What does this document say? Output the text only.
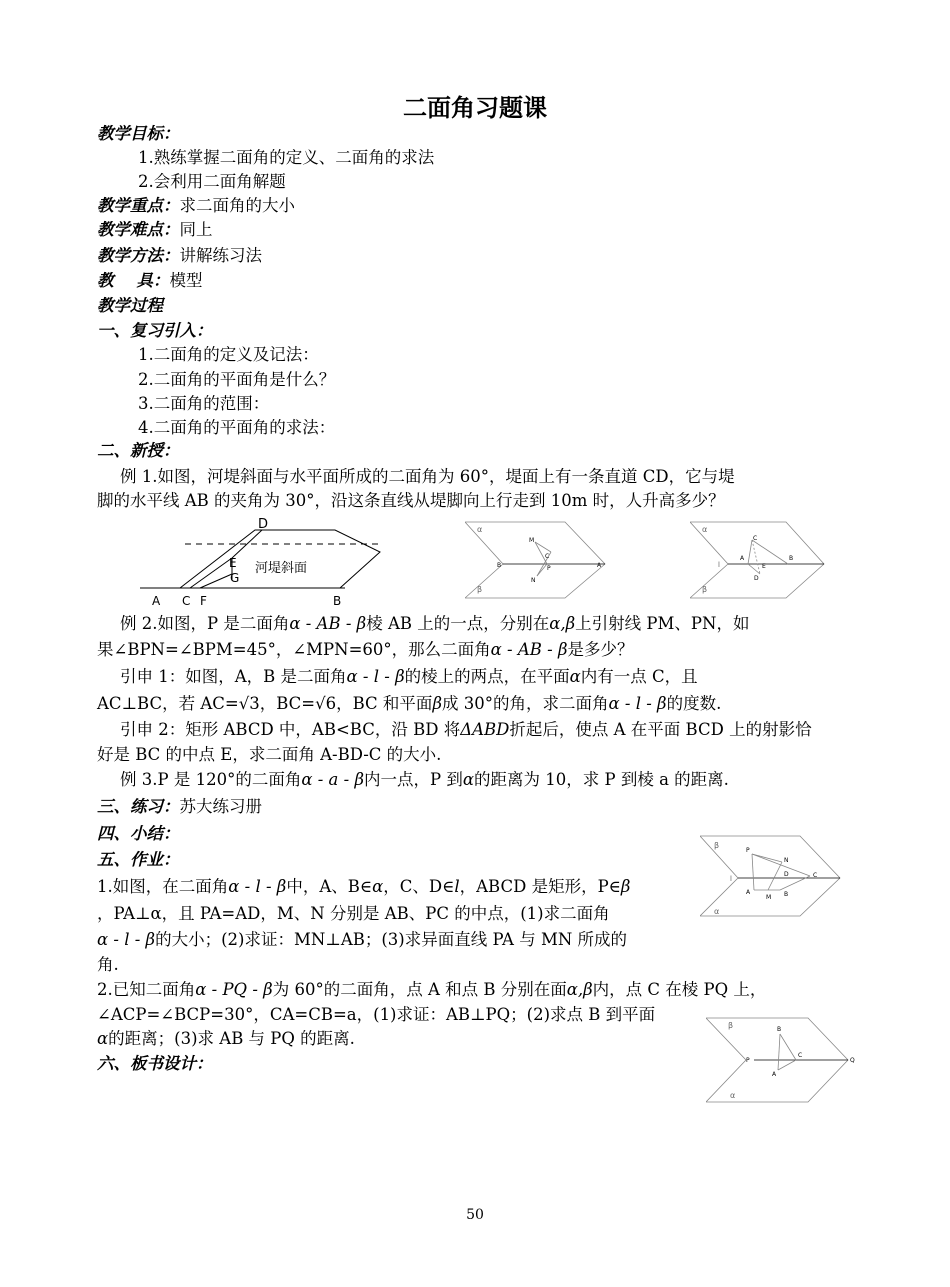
二面角习题课
教学目标：
1.熟练掌握二面角的定义、二面角的求法
2.会利用二面角解题
教学重点：求二面角的大小
教学难点：同上
教学方法：讲解练习法
教    具：模型
教学过程
一、复习引入：
1.二面角的定义及记法：
2.二面角的平面角是什么？
3.二面角的范围：
4.二面角的平面角的求法：
二、新授：
例 1.如图，河堤斜面与水平面所成的二面角为 60°，堤面上有一条直道 CD，它与堤
脚的水平线 AB 的夹角为 30°，沿这条直线从堤脚向上行走到 10m 时，人升高多少？
D
E
G
河堤斜面
A C F	B
α
β
M
C
B	P	A
N
α
β
l
C
A	B
E
D
例 2.如图，P 是二面角α - AB - β棱 AB 上的一点，分别在α,β上引射线 PM、PN，如
果∠BPN=∠BPM=45°，∠MPN=60°，那么二面角α - AB - β是多少？
引申 1：如图，A，B 是二面角α - l - β的棱上的两点，在平面α内有一点 C，且
AC⊥BC，若 AC=√3，BC=√6，BC 和平面β成 30°的角，求二面角α - l - β的度数.
引申 2：矩形 ABCD 中，AB<BC，沿 BD 将ΔABD折起后，使点 A 在平面 BCD 上的射影恰
好是 BC 的中点 E，求二面角 A-BD-C 的大小.
例 3.P 是 120°的二面角α - a - β内一点，P 到α的距离为 10，求 P 到棱 a 的距离.
三、练习：苏大练习册
四、小结：
五、作业：
β
α
l
P
N
D	C
A
M B
1.如图，在二面角α - l - β中，A、B∈α，C、D∈l，ABCD 是矩形，P∈β
，PA⊥α，且 PA=AD，M、N 分别是 AB、PC 的中点，(1)求二面角
α - l - β的大小；(2)求证：MN⊥AB；(3)求异面直线 PA 与 MN 所成的
角.
2.已知二面角α - PQ - β为 60°的二面角，点 A 和点 B 分别在面α,β内，点 C 在棱 PQ 上，
∠ACP=∠BCP=30°，CA=CB=a，(1)求证：AB⊥PQ；(2)求点 B 到平面
α的距离；(3)求 AB 与 PQ 的距离.
β
α
B
P
C
Q
A
六、板书设计：
50
